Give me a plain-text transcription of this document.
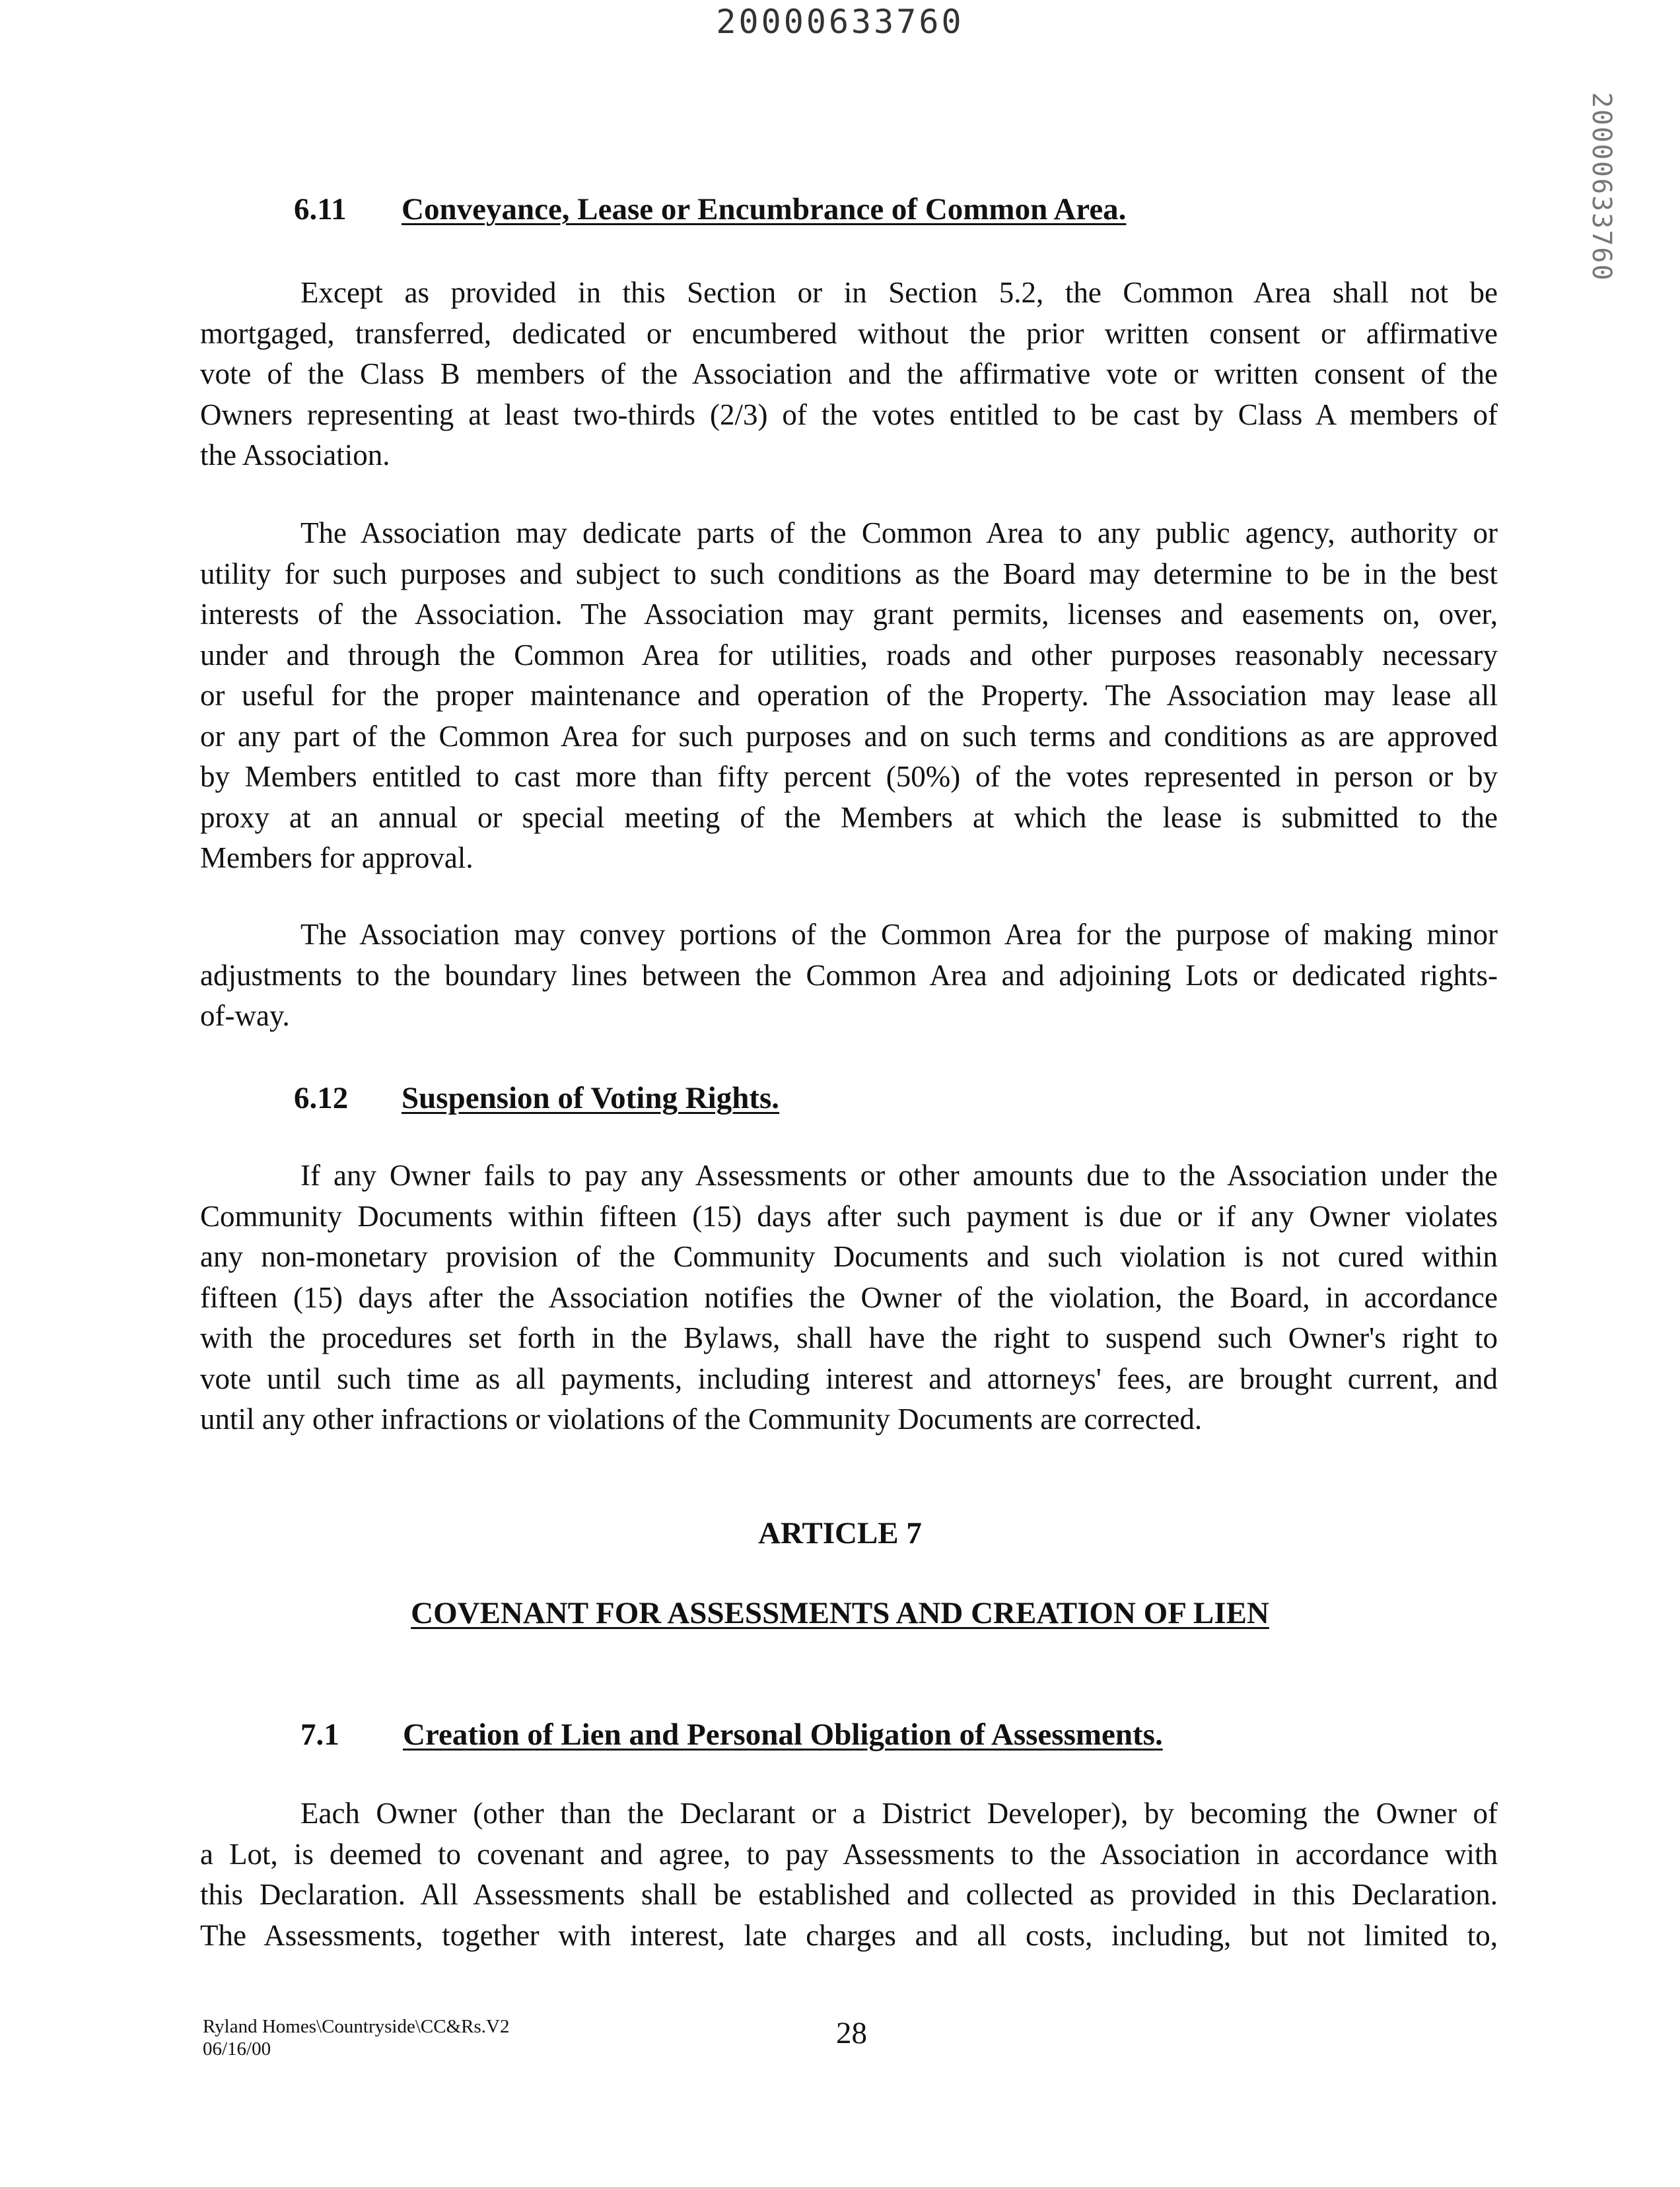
20000633760
20000633760
6.11 Conveyance, Lease or Encumbrance of Common Area.
Except as provided in this Section or in Section 5.2, the Common Area shall not be
mortgaged, transferred, dedicated or encumbered without the prior written consent or affirmative
vote of the Class B members of the Association and the affirmative vote or written consent of the
Owners representing at least two-thirds (2/3) of the votes entitled to be cast by Class A members of
the Association.
The Association may dedicate parts of the Common Area to any public agency, authority or
utility for such purposes and subject to such conditions as the Board may determine to be in the best
interests of the Association. The Association may grant permits, licenses and easements on, over,
under and through the Common Area for utilities, roads and other purposes reasonably necessary
or useful for the proper maintenance and operation of the Property. The Association may lease all
or any part of the Common Area for such purposes and on such terms and conditions as are approved
by Members entitled to cast more than fifty percent (50%) of the votes represented in person or by
proxy at an annual or special meeting of the Members at which the lease is submitted to the
Members for approval.
The Association may convey portions of the Common Area for the purpose of making minor
adjustments to the boundary lines between the Common Area and adjoining Lots or dedicated rights-
of-way.
6.12 Suspension of Voting Rights.
If any Owner fails to pay any Assessments or other amounts due to the Association under the
Community Documents within fifteen (15) days after such payment is due or if any Owner violates
any non-monetary provision of the Community Documents and such violation is not cured within
fifteen (15) days after the Association notifies the Owner of the violation, the Board, in accordance
with the procedures set forth in the Bylaws, shall have the right to suspend such Owner's right to
vote until such time as all payments, including interest and attorneys' fees, are brought current, and
until any other infractions or violations of the Community Documents are corrected.
ARTICLE 7
COVENANT FOR ASSESSMENTS AND CREATION OF LIEN
7.1 Creation of Lien and Personal Obligation of Assessments.
Each Owner (other than the Declarant or a District Developer), by becoming the Owner of
a Lot, is deemed to covenant and agree, to pay Assessments to the Association in accordance with
this Declaration. All Assessments shall be established and collected as provided in this Declaration.
The Assessments, together with interest, late charges and all costs, including, but not limited to,
Ryland Homes\Countryside\CC&Rs.V2
06/16/00	28
